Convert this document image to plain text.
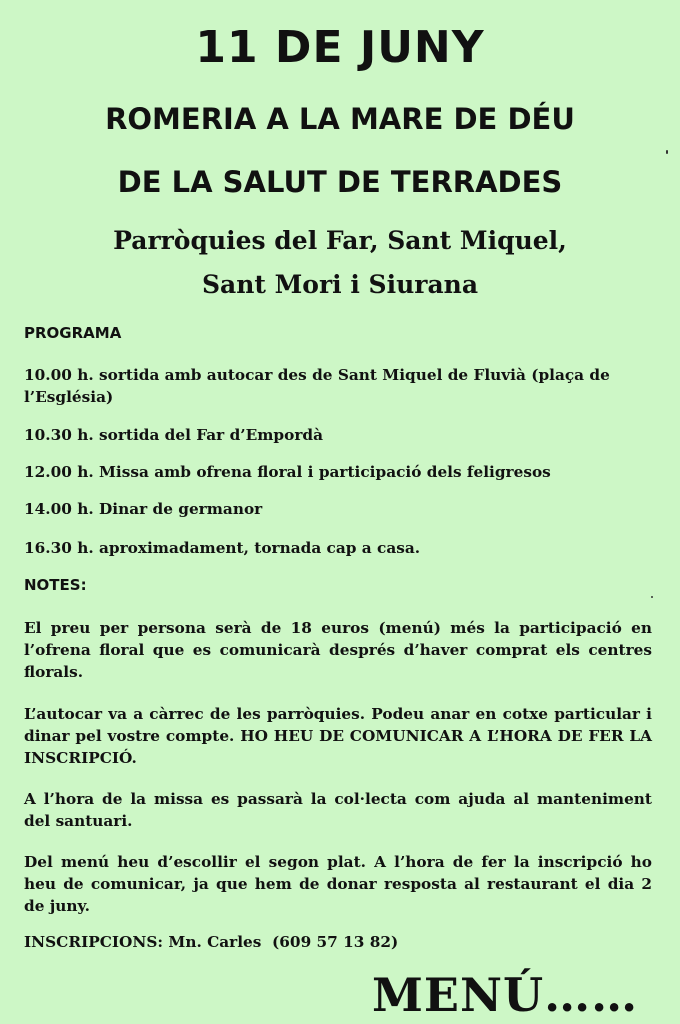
11 DE JUNY
ROMERIA A LA MARE DE DÉU
DE LA SALUT DE TERRADES
Parròquies del Far, Sant Miquel,
Sant Mori i Siurana

PROGRAMA

10.00 h. sortida amb autocar des de Sant Miquel de Fluvià (plaça de l’Església)

10.30 h. sortida del Far d’Empordà

12.00 h. Missa amb ofrena floral i participació dels feligresos

14.00 h. Dinar de germanor

16.30 h. aproximadament, tornada cap a casa.

NOTES:

El preu per persona serà de 18 euros (menú) més la participació en l’ofrena floral que es comunicarà després d’haver comprat els centres florals.

L’autocar va a càrrec de les parròquies. Podeu anar en cotxe particular i dinar pel vostre compte. HO HEU DE COMUNICAR A L’HORA DE FER LA INSCRIPCIÓ.

A l’hora de la missa es passarà la col·lecta com ajuda al manteniment del santuari.

Del menú heu d’escollir el segon plat. A l’hora de fer la inscripció ho heu de comunicar, ja que hem de donar resposta al restaurant el dia 2 de juny.

INSCRIPCIONS: Mn. Carles  (609 57 13 82)

MENÚ……
